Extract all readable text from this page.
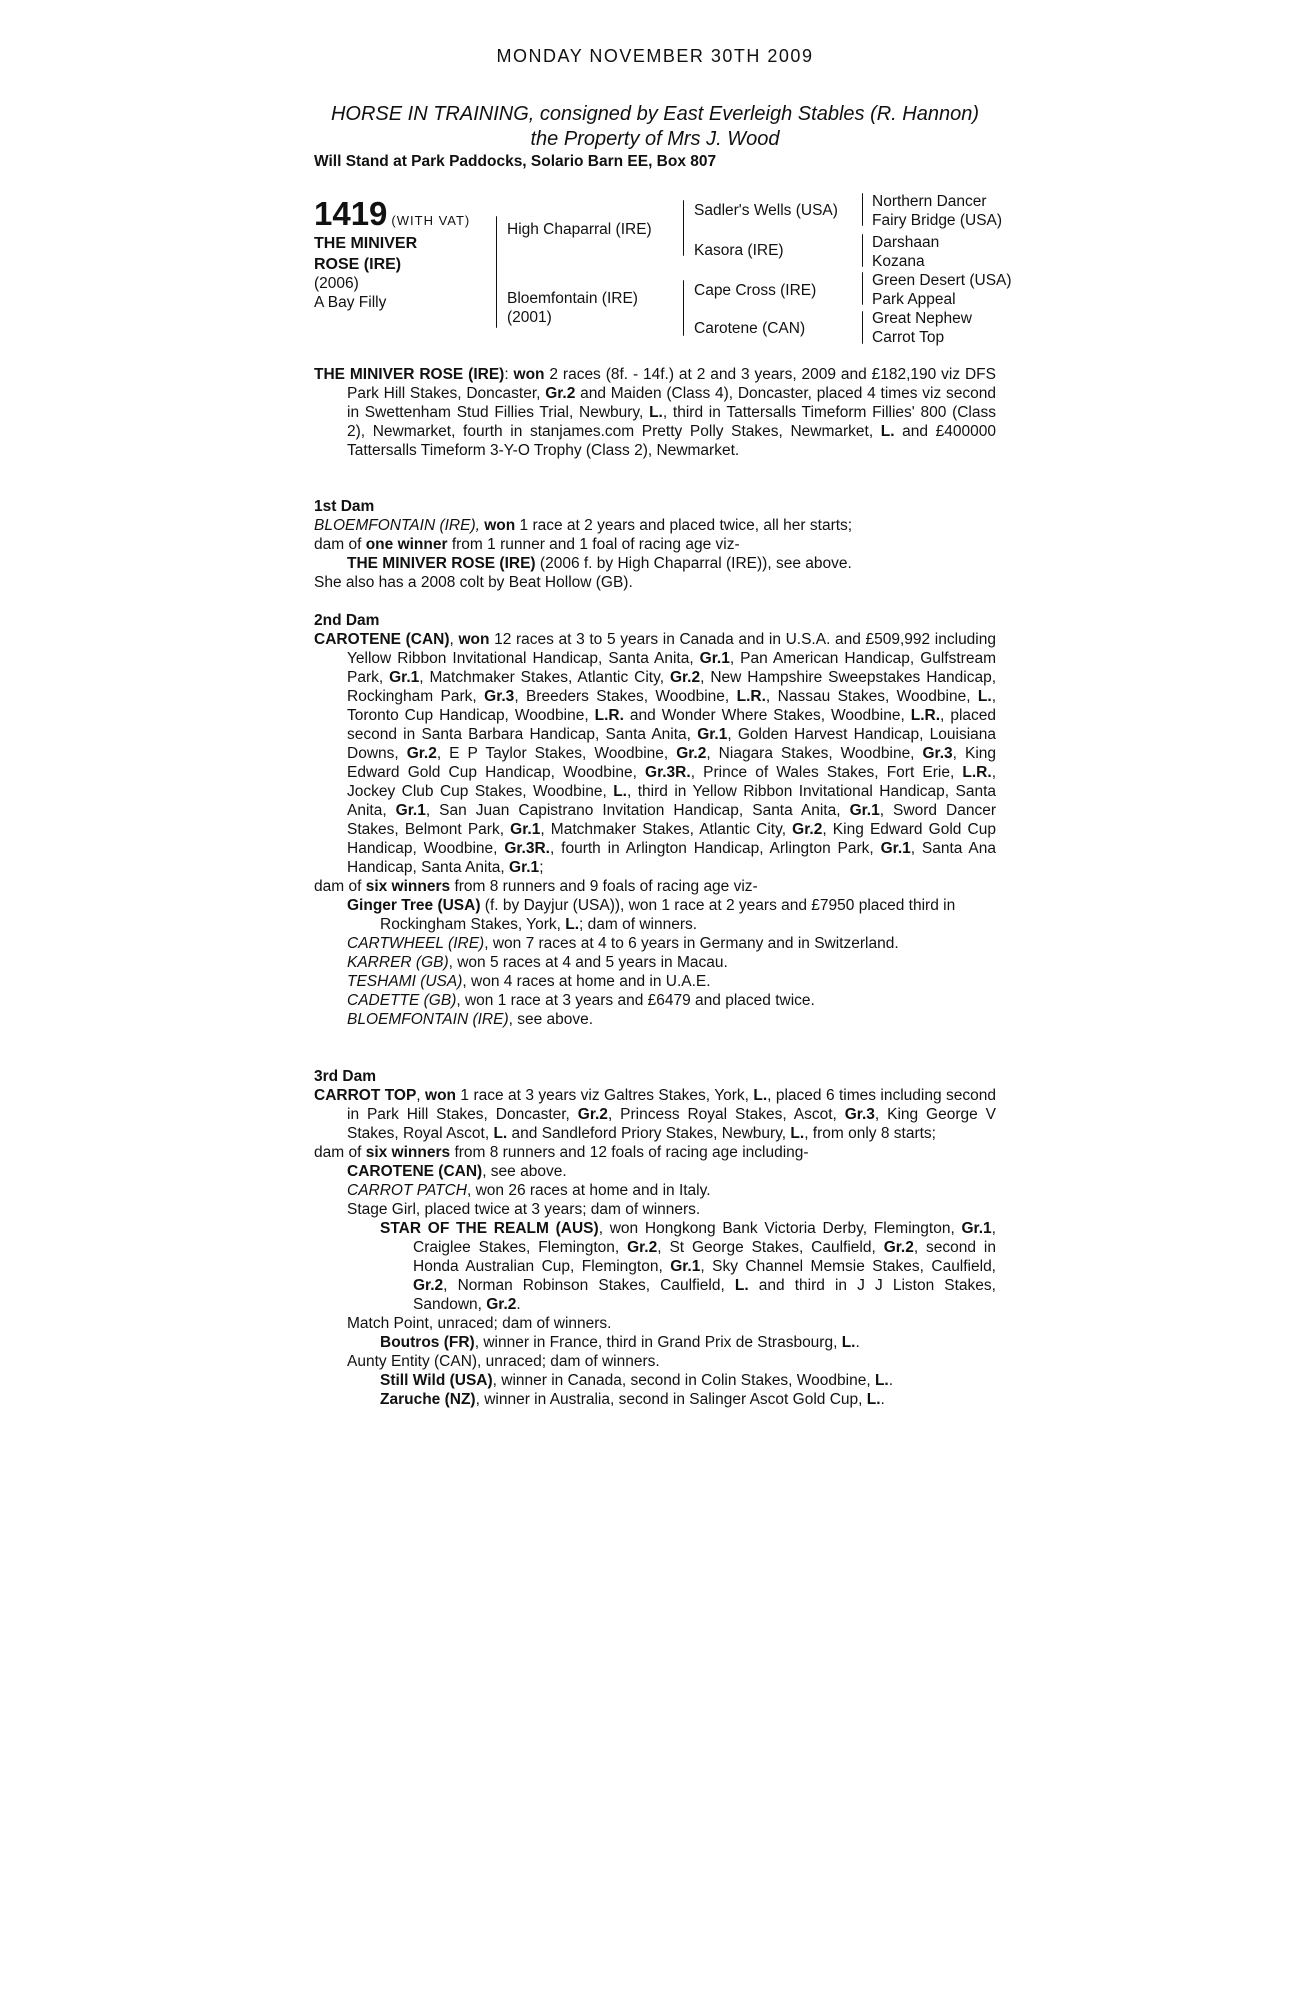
MONDAY NOVEMBER 30TH 2009
HORSE IN TRAINING, consigned by East Everleigh Stables (R. Hannon)
the Property of Mrs J. Wood
Will Stand at Park Paddocks, Solario Barn EE, Box 807
1419 (WITH VAT)
THE MINIVER
ROSE (IRE)
(2006)
A Bay Filly
High Chaparral (IRE)
Bloemfontain (IRE)
(2001)
Sadler's Wells (USA)
Kasora (IRE)
Cape Cross (IRE)
Carotene (CAN)
Northern Dancer
Fairy Bridge (USA)
Darshaan
Kozana
Green Desert (USA)
Park Appeal
Great Nephew
Carrot Top

THE MINIVER ROSE (IRE): won 2 races (8f. - 14f.) at 2 and 3 years, 2009 and £182,190 viz DFS Park Hill Stakes, Doncaster, Gr.2 and Maiden (Class 4), Doncaster, placed 4 times viz second in Swettenham Stud Fillies Trial, Newbury, L., third in Tattersalls Timeform Fillies' 800 (Class 2), Newmarket, fourth in stanjames.com Pretty Polly Stakes, Newmarket, L. and £400000 Tattersalls Timeform 3-Y-O Trophy (Class 2), Newmarket.

1st Dam

BLOEMFONTAIN (IRE), won 1 race at 2 years and placed twice, all her starts;

dam of one winner from 1 runner and 1 foal of racing age viz-

THE MINIVER ROSE (IRE) (2006 f. by High Chaparral (IRE)), see above.

She also has a 2008 colt by Beat Hollow (GB).

2nd Dam

CAROTENE (CAN), won 12 races at 3 to 5 years in Canada and in U.S.A. and £509,992 including Yellow Ribbon Invitational Handicap, Santa Anita, Gr.1, Pan American Handicap, Gulfstream Park, Gr.1, Matchmaker Stakes, Atlantic City, Gr.2, New Hampshire Sweepstakes Handicap, Rockingham Park, Gr.3, Breeders Stakes, Woodbine, L.R., Nassau Stakes, Woodbine, L., Toronto Cup Handicap, Woodbine, L.R. and Wonder Where Stakes, Woodbine, L.R., placed second in Santa Barbara Handicap, Santa Anita, Gr.1, Golden Harvest Handicap, Louisiana Downs, Gr.2, E P Taylor Stakes, Woodbine, Gr.2, Niagara Stakes, Woodbine, Gr.3, King Edward Gold Cup Handicap, Woodbine, Gr.3R., Prince of Wales Stakes, Fort Erie, L.R., Jockey Club Cup Stakes, Woodbine, L., third in Yellow Ribbon Invitational Handicap, Santa Anita, Gr.1, San Juan Capistrano Invitation Handicap, Santa Anita, Gr.1, Sword Dancer Stakes, Belmont Park, Gr.1, Matchmaker Stakes, Atlantic City, Gr.2, King Edward Gold Cup Handicap, Woodbine, Gr.3R., fourth in Arlington Handicap, Arlington Park, Gr.1, Santa Ana Handicap, Santa Anita, Gr.1;

dam of six winners from 8 runners and 9 foals of racing age viz-

Ginger Tree (USA) (f. by Dayjur (USA)), won 1 race at 2 years and £7950 placed third in Rockingham Stakes, York, L.; dam of winners.

CARTWHEEL (IRE), won 7 races at 4 to 6 years in Germany and in Switzerland.

KARRER (GB), won 5 races at 4 and 5 years in Macau.

TESHAMI (USA), won 4 races at home and in U.A.E.

CADETTE (GB), won 1 race at 3 years and £6479 and placed twice.

BLOEMFONTAIN (IRE), see above.

3rd Dam

CARROT TOP, won 1 race at 3 years viz Galtres Stakes, York, L., placed 6 times including second in Park Hill Stakes, Doncaster, Gr.2, Princess Royal Stakes, Ascot, Gr.3, King George V Stakes, Royal Ascot, L. and Sandleford Priory Stakes, Newbury, L., from only 8 starts;

dam of six winners from 8 runners and 12 foals of racing age including-

CAROTENE (CAN), see above.

CARROT PATCH, won 26 races at home and in Italy.

Stage Girl, placed twice at 3 years; dam of winners.

STAR OF THE REALM (AUS), won Hongkong Bank Victoria Derby, Flemington, Gr.1, Craiglee Stakes, Flemington, Gr.2, St George Stakes, Caulfield, Gr.2, second in Honda Australian Cup, Flemington, Gr.1, Sky Channel Memsie Stakes, Caulfield, Gr.2, Norman Robinson Stakes, Caulfield, L. and third in J J Liston Stakes, Sandown, Gr.2.

Match Point, unraced; dam of winners.

Boutros (FR), winner in France, third in Grand Prix de Strasbourg, L..

Aunty Entity (CAN), unraced; dam of winners.

Still Wild (USA), winner in Canada, second in Colin Stakes, Woodbine, L..

Zaruche (NZ), winner in Australia, second in Salinger Ascot Gold Cup, L..
